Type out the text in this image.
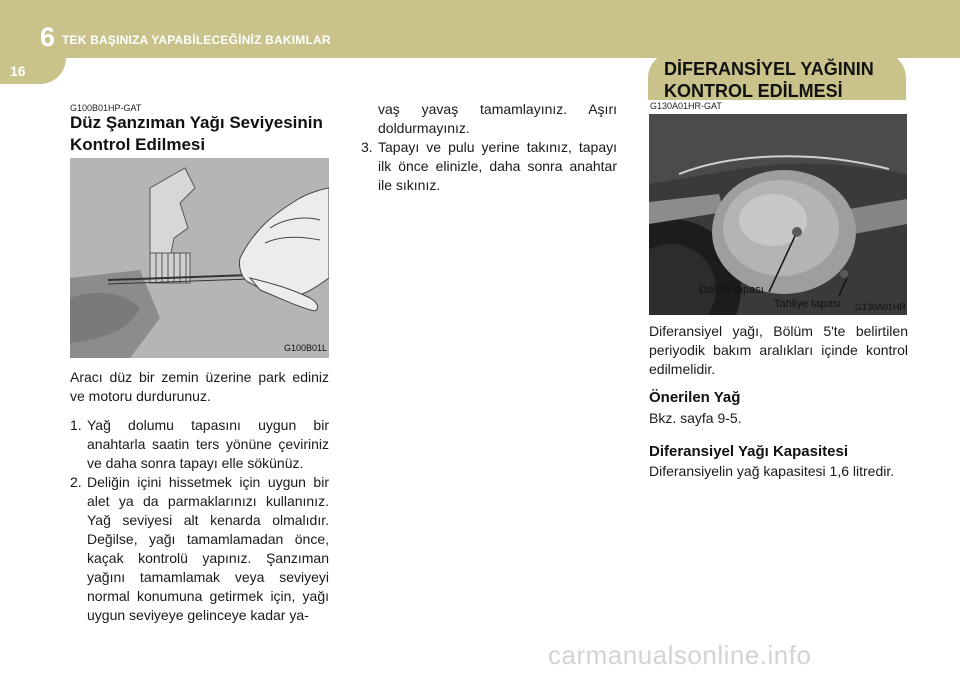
6 TEK BAŞINIZA YAPABİLECEĞİNİZ BAKIMLAR
16	DİFERANSİYEL YAĞININ
KONTROL EDİLMESİ
G100B01HP-GAT
Düz Şanzıman Yağı Seviyesinin
Kontrol Edilmesi
G100B01L

Aracı düz bir zemin üzerine park ediniz ve motoru durdurunuz.

1. Yağ dolumu tapasını uygun bir anahtarla saatin ters yönüne çeviriniz ve daha sonra tapayı elle sökünüz.
2. Deliğin içini hissetmek için uygun bir alet ya da parmaklarınızı kullanınız. Yağ seviyesi alt kenarda olmalıdır. Değilse, yağı tamamlamadan önce, kaçak kontrolü yapınız. Şanzıman yağını tamamlamak veya seviyeyi normal konumuna getirmek için, yağı uygun seviyeye gelinceye kadar ya-

vaş yavaş tamamlayınız. Aşırı doldurmayınız.

3. Tapayı ve pulu yerine takınız, tapayı ilk önce elinizle, daha sonra anahtar ile sıkınız.
G130A01HR-GAT
Dolum tapası
Tahliye tapası G130A01HR
Diferansiyel yağı, Bölüm 5'te belirtilen periyodik bakım aralıkları içinde kontrol edilmelidir.
Önerilen Yağ
Bkz. sayfa 9-5.
Diferansiyel Yağı Kapasitesi
Diferansiyelin yağ kapasitesi 1,6 litredir.
carmanualsonline.info
